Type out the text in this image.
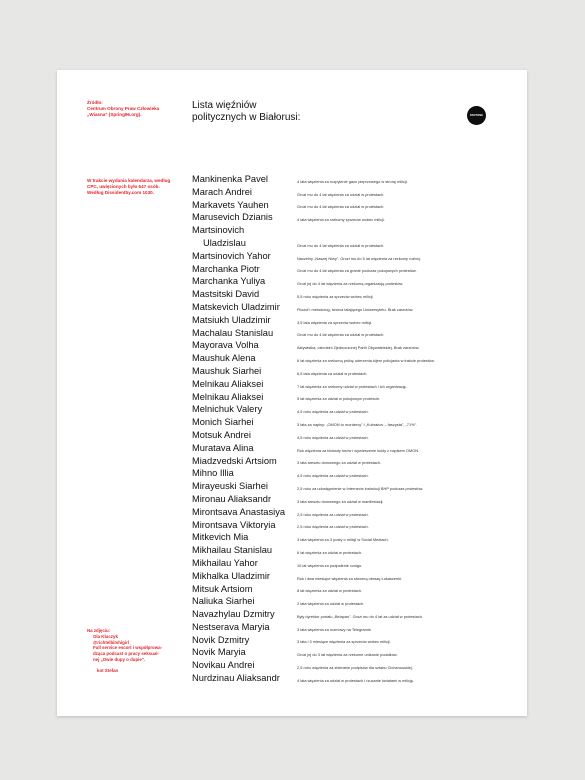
Źródło:
Centrum Obrony Praw Człowieka
„Wiasna" (Spring96.org).
W trakcie wydania kalendarza, według CPC, uwięzionych było 647 osób.
Według Dissidentby.com 1030.
Lista więźniów
politycznych w Białorusi:	PANTONE
Mankinenka Pavel	4 lata więzienia za rozpylenie gazu pieprzowego w stronę milicji.
Marach Andrei	Grozi mu do 4 lat więzienia za udział w protestach.
Markavets Yauhen	Grozi mu do 4 lat więzienia za udział w protestach.
Marusevich Dzianis	4 lata więzienia za rzekomy sprzeciw wobec milicji.
Martsinovich
Uladzislau	Grozi mu do 4 lat więzienia za udział w protestach.
Martsinovich Yahor	Naczelny „Naszej Niwy". Grozi mu do 5 lat więzienia za rzekomy rozbój.
Marchanka Piotr	Grozi mu do 4 lat więzienia za granie podczas pokojowych protestów.
Marchanka Yuliya	Grozi jej do 4 lat więzienia za rzekomą organizację protestów.
Mastsitski David	5,5 roku więzienia za sprzeciw wobec milicji.
Matskevich Uladzimir	Filozof i metodolog, twórca latającego Uniwersytetu. Brak zarzutów.
Matsiukh Uladzimir	3,5 lata więzienia za sprzeciw wobec milicji.
Machalau Stanislau	Grozi mu do 4 lat więzienia za udział w protestach.
Mayorava Volha	Aktywistka, członkini Zjednoczonej Partii Obywatelskiej. Brak zarzutów.
Maushuk Alena	6 lat więzienia za rzekomą próbę uderzenia kijem policjanta w trakcie protestów.
Maushuk Siarhei	6,5 lata więzienia za udział w protestach.
Melnikau Aliaksei	7 lat więzienia za rzekomy udział w protestach i ich organizację.
Melnikau Aliaksei	5 lat więzienia za udział w pokojowym proteście.
Melnichuk Valery	4,5 roku więzienia za udział w protestach.
Monich Siarhei	3 lata za napisy: „OMON to mordercy" i „Kubrakov – faszysta", „71%".
Motsuk Andrei	4,5 roku więzienia za udział w protestach.
Muratava Alina	Rok więzienia za blokady torów i wywieszenie kukły z napisem OMON.
Miadzvedski Artsiom	3 lata aresztu domowego za udział w protestach.
Mihno Illia	4,5 roku więzienia za udział w protestach.
Mirayeuski Siarhei	2,5 roku za udostępnienie w Internecie instrukcji BHP podczas protestów.
Mironau Aliaksandr	3 lata aresztu domowego za udział w manifestacji.
Mirontsava Anastasiya	2,5 roku więzienia za udział w protestach.
Mirontsava Viktoryia	2,5 roku więzienia za udział w protestach.
Mitkevich Mia	3 lata więzienia za 3 posty o milicji w Social Mediach.
Mikhailau Stanislau	6 lat więzienia za udział w protestach.
Mikhailau Yahor	10 lat więzienia za podpalenie czołgu.
Mikhalka Uladzimir	Rok i dwa miesiące więzienia za stworną obrazę Łukaszenki.
Mitsuk Artsiom	8 lat więzienia za udział w protestach.
Naliuka Siarhei	2 lata więzienia za udział w protestach.
Navazhylau Dzmitry	Były dyrektor portalu „Belapan". Grozi mu do 4 lat za udział w protestach.
Nestserava Maryia	3 lata więzienia za rozmowy na Telegramie.
Novik Dzmitry	3 lata i 3 miesiące więzienia za sprzeciw wobec milicji.
Novik Maryia	Grozi jej do 3 lat więzienia za rzekome unikanie podatków.
Novikau Andrei	2,5 roku więzienia za zbieranie podpisów dla sztabu Cichanouskiej.
Nurdzinau Aliaksandr	4 lata więzienia za udział w protestach i rzucanie kwiatami w milicję.
Na zdjęciu:
Ola Kluczyk
@richtelbitshigirl_
Full service escort i współprowa-
dząca podcast o pracy seksual-
nej „Owie dupy o dupie".
kot Stefan
